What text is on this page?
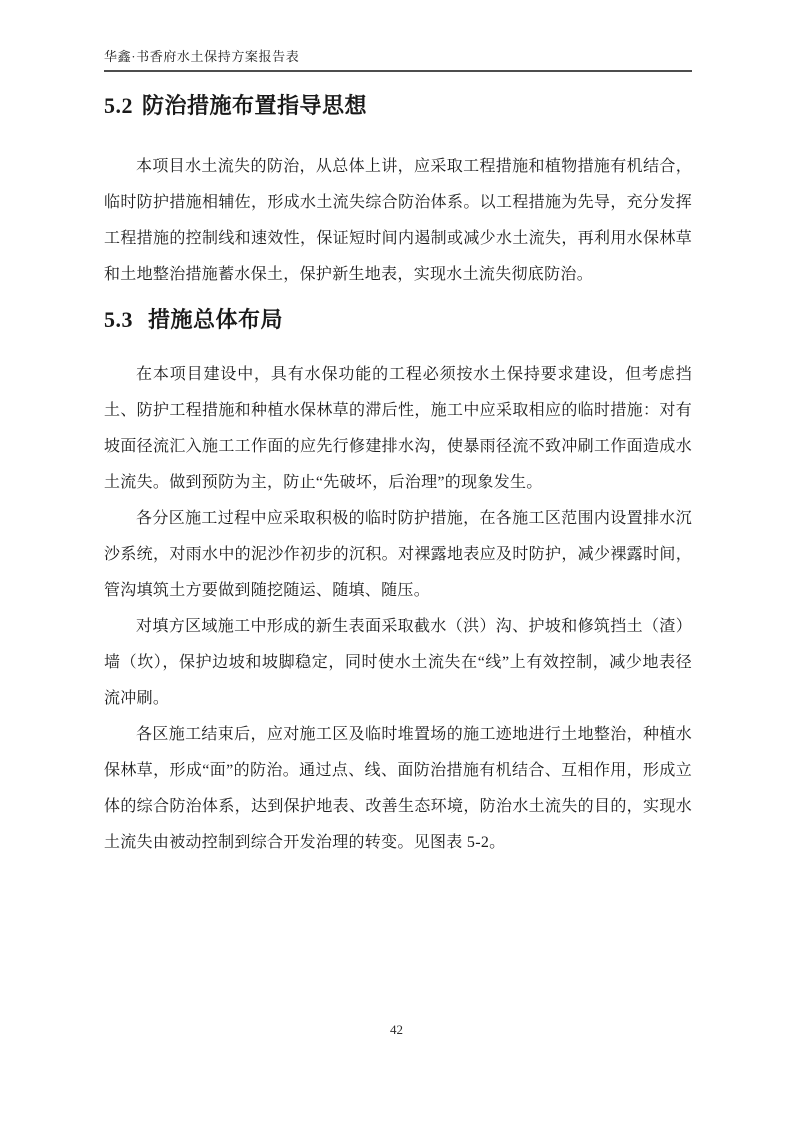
华鑫·书香府水土保持方案报告表
5.2 防治措施布置指导思想

本项目水土流失的防治，从总体上讲，应采取工程措施和植物措施有机结合，临时防护措施相辅佐，形成水土流失综合防治体系。以工程措施为先导，充分发挥工程措施的控制线和速效性，保证短时间内遏制或减少水土流失，再利用水保林草和土地整治措施蓄水保土，保护新生地表，实现水土流失彻底防治。

5.3 措施总体布局

在本项目建设中，具有水保功能的工程必须按水土保持要求建设，但考虑挡土、防护工程措施和种植水保林草的滞后性，施工中应采取相应的临时措施：对有坡面径流汇入施工工作面的应先行修建排水沟，使暴雨径流不致冲刷工作面造成水土流失。做到预防为主，防止“先破坏，后治理”的现象发生。

各分区施工过程中应采取积极的临时防护措施，在各施工区范围内设置排水沉沙系统，对雨水中的泥沙作初步的沉积。对裸露地表应及时防护，减少裸露时间，管沟填筑土方要做到随挖随运、随填、随压。

对填方区域施工中形成的新生表面采取截水（洪）沟、护坡和修筑挡土（渣）墙（坎），保护边坡和坡脚稳定，同时使水土流失在“线”上有效控制，减少地表径流冲刷。

各区施工结束后，应对施工区及临时堆置场的施工迹地进行土地整治，种植水保林草，形成“面”的防治。通过点、线、面防治措施有机结合、互相作用，形成立体的综合防治体系，达到保护地表、改善生态环境，防治水土流失的目的，实现水土流失由被动控制到综合开发治理的转变。见图表 5-2。

42
